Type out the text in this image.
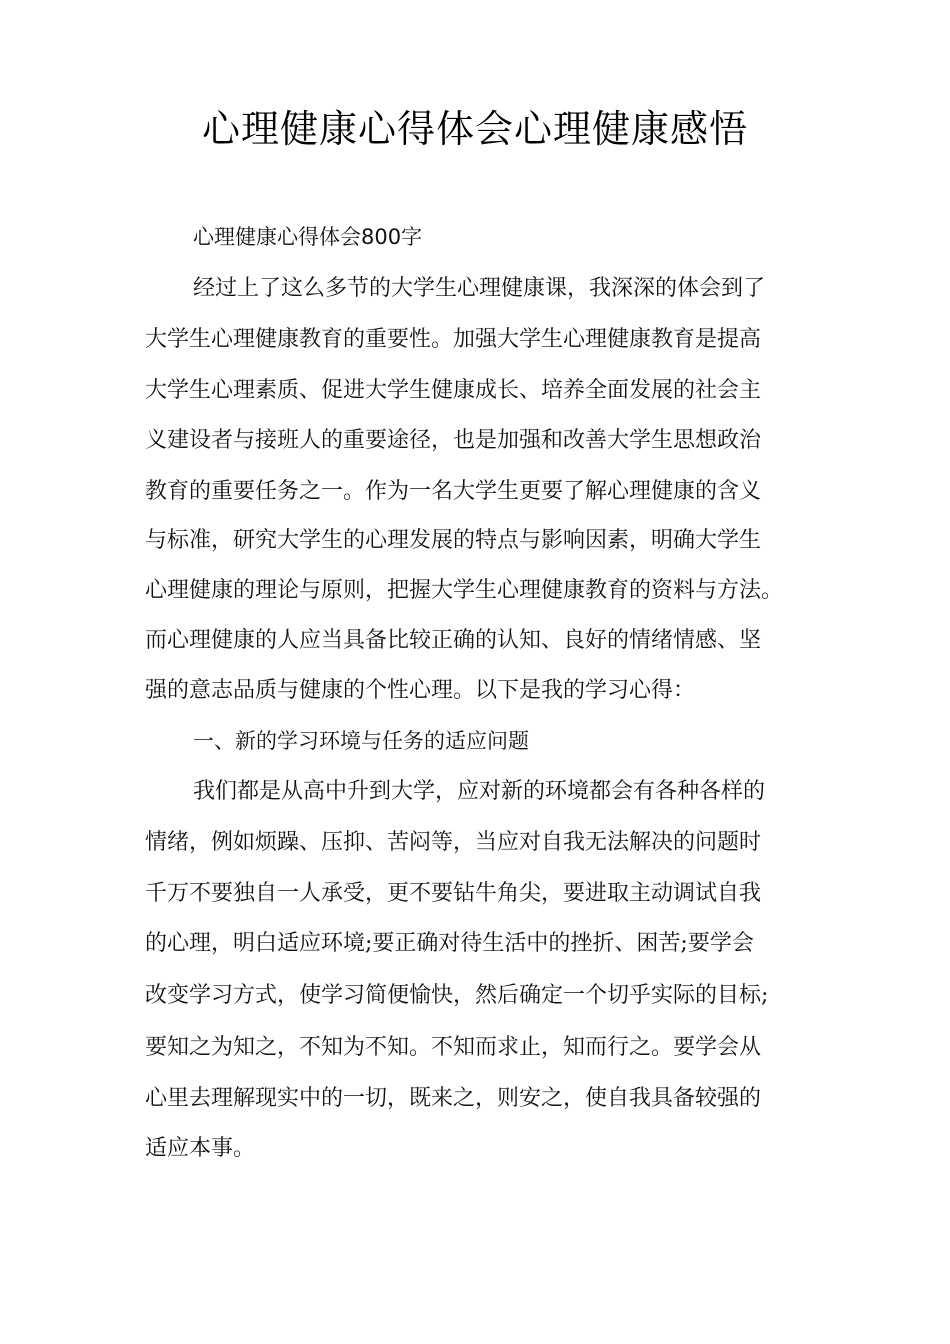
心理健康心得体会心理健康感悟

心理健康心得体会800字

经过上了这么多节的大学生心理健康课，我深深的体会到了

大学生心理健康教育的重要性。加强大学生心理健康教育是提高

大学生心理素质、促进大学生健康成长、培养全面发展的社会主

义建设者与接班人的重要途径，也是加强和改善大学生思想政治

教育的重要任务之一。作为一名大学生更要了解心理健康的含义

与标准，研究大学生的心理发展的特点与影响因素，明确大学生

心理健康的理论与原则，把握大学生心理健康教育的资料与方法。

而心理健康的人应当具备比较正确的认知、良好的情绪情感、坚

强的意志品质与健康的个性心理。以下是我的学习心得：

一、新的学习环境与任务的适应问题

我们都是从高中升到大学，应对新的环境都会有各种各样的

情绪，例如烦躁、压抑、苦闷等，当应对自我无法解决的问题时

千万不要独自一人承受，更不要钻牛角尖，要进取主动调试自我

的心理，明白适应环境;要正确对待生活中的挫折、困苦;要学会

改变学习方式，使学习简便愉快，然后确定一个切乎实际的目标;

要知之为知之，不知为不知。不知而求止，知而行之。要学会从

心里去理解现实中的一切，既来之，则安之，使自我具备较强的

适应本事。
